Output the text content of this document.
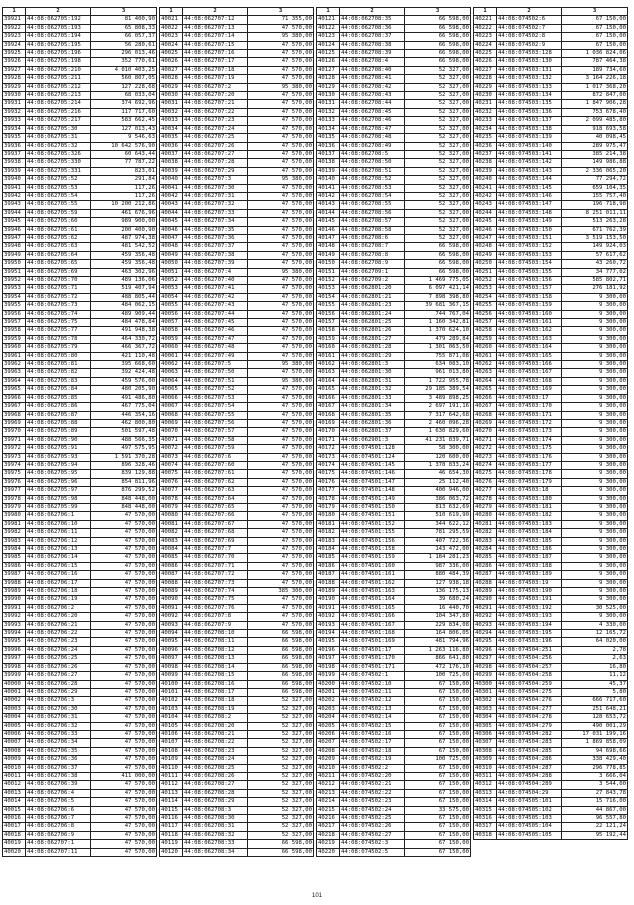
1	2	3
39921	44:08:062705:192	81 400,90
39922	44:08:062705:193	65 808,33
39923	44:08:062705:194	66 057,37
39924	44:08:062705:195	56 280,61
39925	44:08:062705:196	296 013,46
39926	44:08:062705:198	352 770,61
39927	44:08:062705:210	4 010 403,25
39928	44:08:062705:211	560 807,05
39929	44:08:062705:212	127 228,68
39930	44:08:062705:213	68 033,04
39931	44:08:062705:214	374 692,96
39932	44:08:062705:216	117 717,60
39933	44:08:062705:217	583 662,45
39934	44:08:062705:30	127 013,43
39935	44:08:062705:31	9 546,63
39936	44:08:062705:32	10 642 576,90
39937	44:08:062705:326	60 643,44
39938	44:08:062705:330	77 787,22
39939	44:08:062705:331	823,01
39940	44:08:062705:52	291,84
39941	44:08:062705:53	117,26
39942	44:08:062705:54	117,26
39943	44:08:062705:55	10 200 212,86
39944	44:08:062705:59	461 676,96
39945	44:08:062705:60	989 900,00
39946	44:08:062705:61	200 400,90
39947	44:08:062705:62	487 974,38
39948	44:08:062705:63	481 542,52
39949	44:08:062705:64	459 356,48
39950	44:08:062705:65	459 356,48
39951	44:08:062705:69	463 302,96
39952	44:08:062705:70	489 136,06
39953	44:08:062705:71	519 407,94
39954	44:08:062705:72	488 805,44
39955	44:08:062705:73	484 062,15
39956	44:08:062705:74	489 909,44
39957	44:08:062705:75	484 478,84
39958	44:08:062705:77	491 948,38
39959	44:08:062705:78	464 330,72
39960	44:08:062705:79	466 367,72
39961	44:08:062705:80	421 110,48
39962	44:08:062705:81	395 668,60
39963	44:08:062705:82	392 424,48
39964	44:08:062705:83	459 576,00
39965	44:08:062705:84	480 205,90
39966	44:08:062705:85	491 486,80
39967	44:08:062705:86	467 775,04
39968	44:08:062705:87	446 354,16
39969	44:08:062705:88	462 800,80
39970	44:08:062705:89	501 597,48
39971	44:08:062705:90	488 566,35
39972	44:08:062705:91	497 575,95
39973	44:08:062705:93	1 591 370,28
39974	44:08:062705:94	896 328,46
39975	44:08:062705:95	839 129,88
39976	44:08:062705:96	854 811,96
39977	44:08:062705:97	876 299,52
39978	44:08:062705:98	848 448,00
39979	44:08:062705:99	848 448,00
39980	44:08:062706:1	47 570,00
39981	44:08:062706:10	47 570,00
39982	44:08:062706:11	47 570,00
39983	44:08:062706:12	47 570,00
39984	44:08:062706:13	47 570,00
39985	44:08:062706:14	47 570,00
39986	44:08:062706:15	47 570,00
39987	44:08:062706:16	47 570,00
39988	44:08:062706:17	47 570,00
39989	44:08:062706:18	47 570,00
39990	44:08:062706:19	47 570,00
39991	44:08:062706:2	47 570,00
39992	44:08:062706:20	47 570,00
39993	44:08:062706:21	47 570,00
39994	44:08:062706:22	47 570,00
39995	44:08:062706:23	47 570,00
39996	44:08:062706:24	47 570,00
39997	44:08:062706:25	47 570,00
39998	44:08:062706:26	47 570,00
39999	44:08:062706:27	47 570,00
40000	44:08:062706:28	47 570,00
40001	44:08:062706:29	47 570,00
40002	44:08:062706:3	47 570,00
40003	44:08:062706:30	47 570,00
40004	44:08:062706:31	47 570,00
40005	44:08:062706:32	47 570,00
40006	44:08:062706:33	47 570,00
40007	44:08:062706:34	47 570,00
40008	44:08:062706:35	47 570,00
40009	44:08:062706:36	47 570,00
40010	44:08:062706:37	47 570,00
40011	44:08:062706:38	411 000,00
40012	44:08:062706:39	47 570,00
40013	44:08:062706:4	47 570,00
40014	44:08:062706:5	47 570,00
40015	44:08:062706:6	47 570,00
40016	44:08:062706:7	47 570,00
40017	44:08:062706:8	47 570,00
40018	44:08:062706:9	47 570,00
40019	44:08:062707:1	47 570,00
40020	44:08:062707:11	47 570,00
1	2	3
40021	44:08:062707:12	71 355,00
40022	44:08:062707:13	47 570,00
40023	44:08:062707:14	95 380,00
40024	44:08:062707:15	47 570,00
40025	44:08:062707:16	47 570,00
40026	44:08:062707:17	47 570,00
40027	44:08:062707:18	47 570,00
40028	44:08:062707:19	47 570,00
40029	44:08:062707:2	95 380,00
40030	44:08:062707:20	47 570,00
40031	44:08:062707:21	47 570,00
40032	44:08:062707:22	47 570,00
40033	44:08:062707:23	47 570,00
40034	44:08:062707:24	47 570,00
40035	44:08:062707:25	47 570,00
40036	44:08:062707:26	47 570,00
40037	44:08:062707:27	47 570,00
40038	44:08:062707:28	47 570,00
40039	44:08:062707:29	47 570,00
40040	44:08:062707:3	95 380,00
40041	44:08:062707:30	47 570,00
40042	44:08:062707:31	47 570,00
40043	44:08:062707:32	47 570,00
40044	44:08:062707:33	47 570,00
40045	44:08:062707:34	47 570,00
40046	44:08:062707:35	47 570,00
40047	44:08:062707:36	47 570,00
40048	44:08:062707:37	47 570,00
40049	44:08:062707:38	47 570,00
40050	44:08:062707:39	47 570,00
40051	44:08:062707:4	95 380,00
40052	44:08:062707:40	47 570,00
40053	44:08:062707:41	47 570,00
40054	44:08:062707:42	47 570,00
40055	44:08:062707:43	47 570,00
40056	44:08:062707:44	47 570,00
40057	44:08:062707:45	47 570,00
40058	44:08:062707:46	47 570,00
40059	44:08:062707:47	47 570,00
40060	44:08:062707:48	47 570,00
40061	44:08:062707:49	47 570,00
40062	44:08:062707:5	95 380,00
40063	44:08:062707:50	47 570,00
40064	44:08:062707:51	95 380,00
40065	44:08:062707:52	47 570,00
40066	44:08:062707:53	47 570,00
40067	44:08:062707:54	47 570,00
40068	44:08:062707:55	47 570,00
40069	44:08:062707:56	47 570,00
40070	44:08:062707:57	47 570,00
40071	44:08:062707:58	47 570,00
40072	44:08:062707:59	47 570,00
40073	44:08:062707:6	47 570,00
40074	44:08:062707:60	47 570,00
40075	44:08:062707:61	47 570,00
40076	44:08:062707:62	47 570,00
40077	44:08:062707:63	47 570,00
40078	44:08:062707:64	47 570,00
40079	44:08:062707:65	47 570,00
40080	44:08:062707:66	47 570,00
40081	44:08:062707:67	47 570,00
40082	44:08:062707:68	47 570,00
40083	44:08:062707:69	47 570,00
40084	44:08:062707:7	47 570,00
40085	44:08:062707:70	47 570,00
40086	44:08:062707:71	47 570,00
40087	44:08:062707:72	47 570,00
40088	44:08:062707:73	47 570,00
40089	44:08:062707:74	385 300,00
40090	44:08:062707:75	47 570,00
40091	44:08:062707:76	47 570,00
40092	44:08:062707:8	47 570,00
40093	44:08:062707:9	47 570,00
40094	44:08:062708:10	66 598,00
40095	44:08:062708:11	66 598,00
40096	44:08:062708:12	66 598,00
40097	44:08:062708:13	66 598,00
40098	44:08:062708:14	66 598,00
40099	44:08:062708:15	66 598,00
40100	44:08:062708:16	66 598,00
40101	44:08:062708:17	66 598,00
40102	44:08:062708:18	52 327,00
40103	44:08:062708:19	52 327,00
40104	44:08:062708:2	52 327,00
40105	44:08:062708:20	52 327,00
40106	44:08:062708:21	52 327,00
40107	44:08:062708:22	52 327,00
40108	44:08:062708:23	52 327,00
40109	44:08:062708:24	52 327,00
40110	44:08:062708:25	52 327,00
40111	44:08:062708:26	52 327,00
40112	44:08:062708:27	52 327,00
40113	44:08:062708:28	52 327,00
40114	44:08:062708:29	52 327,00
40115	44:08:062708:3	52 327,00
40116	44:08:062708:30	52 327,00
40117	44:08:062708:31	52 327,00
40118	44:08:062708:32	52 327,00
40119	44:08:062708:33	66 598,00
40120	44:08:062708:34	66 598,00
1	2	3
40121	44:08:062708:35	66 598,00
40122	44:08:062708:36	66 598,00
40123	44:08:062708:37	66 598,00
40124	44:08:062708:38	66 598,00
40125	44:08:062708:39	66 598,00
40126	44:08:062708:4	66 598,00
40127	44:08:062708:40	52 327,00
40128	44:08:062708:41	52 327,00
40129	44:08:062708:42	52 327,00
40130	44:08:062708:43	52 327,00
40131	44:08:062708:44	52 327,00
40132	44:08:062708:45	52 327,00
40133	44:08:062708:46	52 327,00
40134	44:08:062708:47	52 327,00
40135	44:08:062708:48	52 327,00
40136	44:08:062708:49	52 327,00
40137	44:08:062708:5	52 327,00
40138	44:08:062708:50	52 327,00
40139	44:08:062708:51	52 327,00
40140	44:08:062708:52	52 327,00
40141	44:08:062708:53	52 327,00
40142	44:08:062708:54	52 327,00
40143	44:08:062708:55	52 327,00
40144	44:08:062708:56	52 327,00
40145	44:08:062708:57	52 327,00
40146	44:08:062708:58	52 327,00
40147	44:08:062708:6	52 327,00
40148	44:08:062708:7	66 598,00
40149	44:08:062708:8	66 598,00
40150	44:08:062708:9	66 598,00
40151	44:08:062709:1	66 598,00
40152	44:08:062709:2	1 469 775,05
40153	44:08:062801:20	6 097 421,14
40154	44:08:062801:21	7 898 398,80
40155	44:08:062801:23	39 681 367,15
40156	44:08:062801:24	744 767,04
40157	44:08:062801:25	1 160 342,81
40158	44:08:062801:26	1 370 624,10
40159	44:08:062801:27	479 289,84
40160	44:08:062801:28	1 301 063,50
40161	44:08:062801:29	755 871,08
40162	44:08:062801:3	634 083,10
40163	44:08:062801:30	961 013,80
40164	44:08:062801:31	1 722 955,78
40165	44:08:062801:32	29 185 389,54
40166	44:08:062801:33	3 489 898,25
40167	44:08:062801:34	2 697 191,16
40168	44:08:062801:35	7 317 642,68
40169	44:08:062801:36	2 460 096,28
40170	44:08:062801:37	1 630 829,60
40171	44:08:062901:3	41 231 839,71
40172	44:08:074501:128	58 300,00
40173	44:08:074501:124	120 600,00
40174	44:08:074501:145	1 378 833,24
40175	44:08:074501:146	46 654,30
40176	44:08:074501:147	25 112,40
40177	44:08:074501:148	400 946,00
40178	44:08:074501:149	386 063,72
40179	44:08:074501:150	813 632,69
40180	44:08:074501:151	510 619,90
40181	44:08:074501:152	344 622,12
40182	44:08:074501:155	781 295,59
40183	44:08:074501:156	407 722,36
40184	44:08:074501:158	143 472,00
40185	44:08:074501:159	1 184 281,23
40186	44:08:074501:160	987 336,00
40187	44:08:074501:161	880 484,39
40188	44:08:074501:162	127 938,18
40189	44:08:074501:163	136 175,13
40190	44:08:074501:164	39 680,24
40191	44:08:074501:165	16 440,70
40192	44:08:074501:166	104 347,80
40193	44:08:074501:167	229 834,08
40194	44:08:074501:168	164 806,05
40195	44:08:074501:169	481 794,96
40196	44:08:074501:17	1 263 116,80
40197	44:08:074501:170	866 641,80
40198	44:08:074501:171	472 176,10
40199	44:08:074502:1	100 725,00
40200	44:08:074502:10	67 150,00
40201	44:08:074502:11	67 150,00
40202	44:08:074502:12	67 150,00
40203	44:08:074502:13	67 150,00
40204	44:08:074502:14	67 150,00
40205	44:08:074502:15	67 150,00
40206	44:08:074502:16	67 150,00
40207	44:08:074502:17	67 150,00
40208	44:08:074502:18	67 150,00
40209	44:08:074502:19	100 725,00
40210	44:08:074502:2	67 150,00
40211	44:08:074502:20	67 150,00
40212	44:08:074502:21	67 150,00
40213	44:08:074502:22	67 150,00
40214	44:08:074502:23	67 150,00
40215	44:08:074502:24	33 575,00
40216	44:08:074502:25	67 150,00
40217	44:08:074502:26	67 150,00
40218	44:08:074502:27	67 150,00
40219	44:08:074502:3	67 150,00
40220	44:08:074502:5	67 150,00
1	2	3
40221	44:08:074502:6	67 150,00
40222	44:08:074502:7	67 150,00
40223	44:08:074502:8	67 150,00
40224	44:08:074502:9	67 150,00
40225	44:08:074503:128	1 036 824,06
40226	44:08:074503:130	787 464,38
40227	44:08:074503:131	189 734,60
40228	44:08:074503:132	3 164 226,18
40229	44:08:074503:133	1 017 368,20
40230	44:08:074503:134	872 847,00
40231	44:08:074503:135	1 847 906,28
40232	44:08:074503:136	753 678,40
40233	44:08:074503:137	2 099 485,80
40234	44:08:074503:138	918 693,58
40235	44:08:074503:139	40 098,45
40236	44:08:074503:140	289 975,47
40237	44:08:074503:141	385 214,38
40238	44:08:074503:142	149 986,88
40239	44:08:074503:143	2 336 065,20
40240	44:08:074503:144	77 294,72
40241	44:08:074503:145	659 104,35
40242	44:08:074503:146	155 757,40
40243	44:08:074503:147	196 718,98
40244	44:08:074503:148	8 251 011,11
40245	44:08:074503:149	513 263,28
40246	44:08:074503:150	671 762,39
40247	44:08:074503:151	3 519 153,50
40248	44:08:074503:152	149 924,03
40249	44:08:074503:153	57 617,62
40250	44:08:074503:154	43 260,72
40251	44:08:074503:155	34 777,02
40252	44:08:074503:156	585 802,71
40253	44:08:074503:157	276 181,92
40254	44:08:074503:158	9 300,00
40255	44:08:074503:159	9 300,00
40256	44:08:074503:160	9 300,00
40257	44:08:074503:161	9 300,00
40258	44:08:074503:162	9 300,00
40259	44:08:074503:163	9 300,00
40260	44:08:074503:164	9 300,00
40261	44:08:074503:165	9 300,00
40262	44:08:074503:166	9 300,00
40263	44:08:074503:167	9 300,00
40264	44:08:074503:168	9 300,00
40265	44:08:074503:169	9 300,00
40266	44:08:074503:17	9 300,00
40267	44:08:074503:170	9 300,00
40268	44:08:074503:171	9 300,00
40269	44:08:074503:172	9 300,00
40270	44:08:074503:173	9 300,00
40271	44:08:074503:174	9 300,00
40272	44:08:074503:175	9 300,00
40273	44:08:074503:176	9 300,00
40274	44:08:074503:177	9 300,00
40275	44:08:074503:178	9 300,00
40276	44:08:074503:179	9 300,00
40277	44:08:074503:18	9 300,00
40278	44:08:074503:180	9 300,00
40279	44:08:074503:181	9 300,00
40280	44:08:074503:182	9 300,00
40281	44:08:074503:183	9 300,00
40282	44:08:074503:184	9 300,00
40283	44:08:074503:185	9 300,00
40284	44:08:074503:186	9 300,00
40285	44:08:074503:187	9 300,00
40286	44:08:074503:188	9 300,00
40287	44:08:074503:189	9 300,00
40288	44:08:074503:19	9 300,00
40289	44:08:074503:190	9 300,00
40290	44:08:074503:191	9 300,00
40291	44:08:074503:192	30 525,00
40292	44:08:074503:193	9 300,00
40293	44:08:074503:194	4 330,00
40294	44:08:074503:195	12 165,72
40295	44:08:074503:196	64 020,00
40296	44:08:074504:251	2,78
40297	44:08:074504:256	2,63
40298	44:08:074504:257	16,80
40299	44:08:074504:258	11,12
40300	44:08:074504:259	45,37
40301	44:08:074504:275	5,80
40302	44:08:074504:276	666 717,60
40303	44:08:074504:277	251 648,21
40304	44:08:074504:278	128 653,72
40305	44:08:074504:279	490 001,29
40306	44:08:074504:282	17 031 199,16
40307	44:08:074504:283	1 869 858,09
40308	44:08:074504:285	94 698,66
40309	44:08:074504:286	338 429,40
40310	44:08:074504:287	296 778,85
40311	44:08:074504:288	3 666,04
40312	44:08:074504:289	3 544,00
40313	44:08:074504:29	27 843,78
40314	44:08:074505:101	15 716,00
40315	44:08:074505:102	44 867,00
40316	44:08:074505:103	96 557,80
40317	44:08:074505:104	22 121,24
40318	44:08:074505:105	95 192,44
101
